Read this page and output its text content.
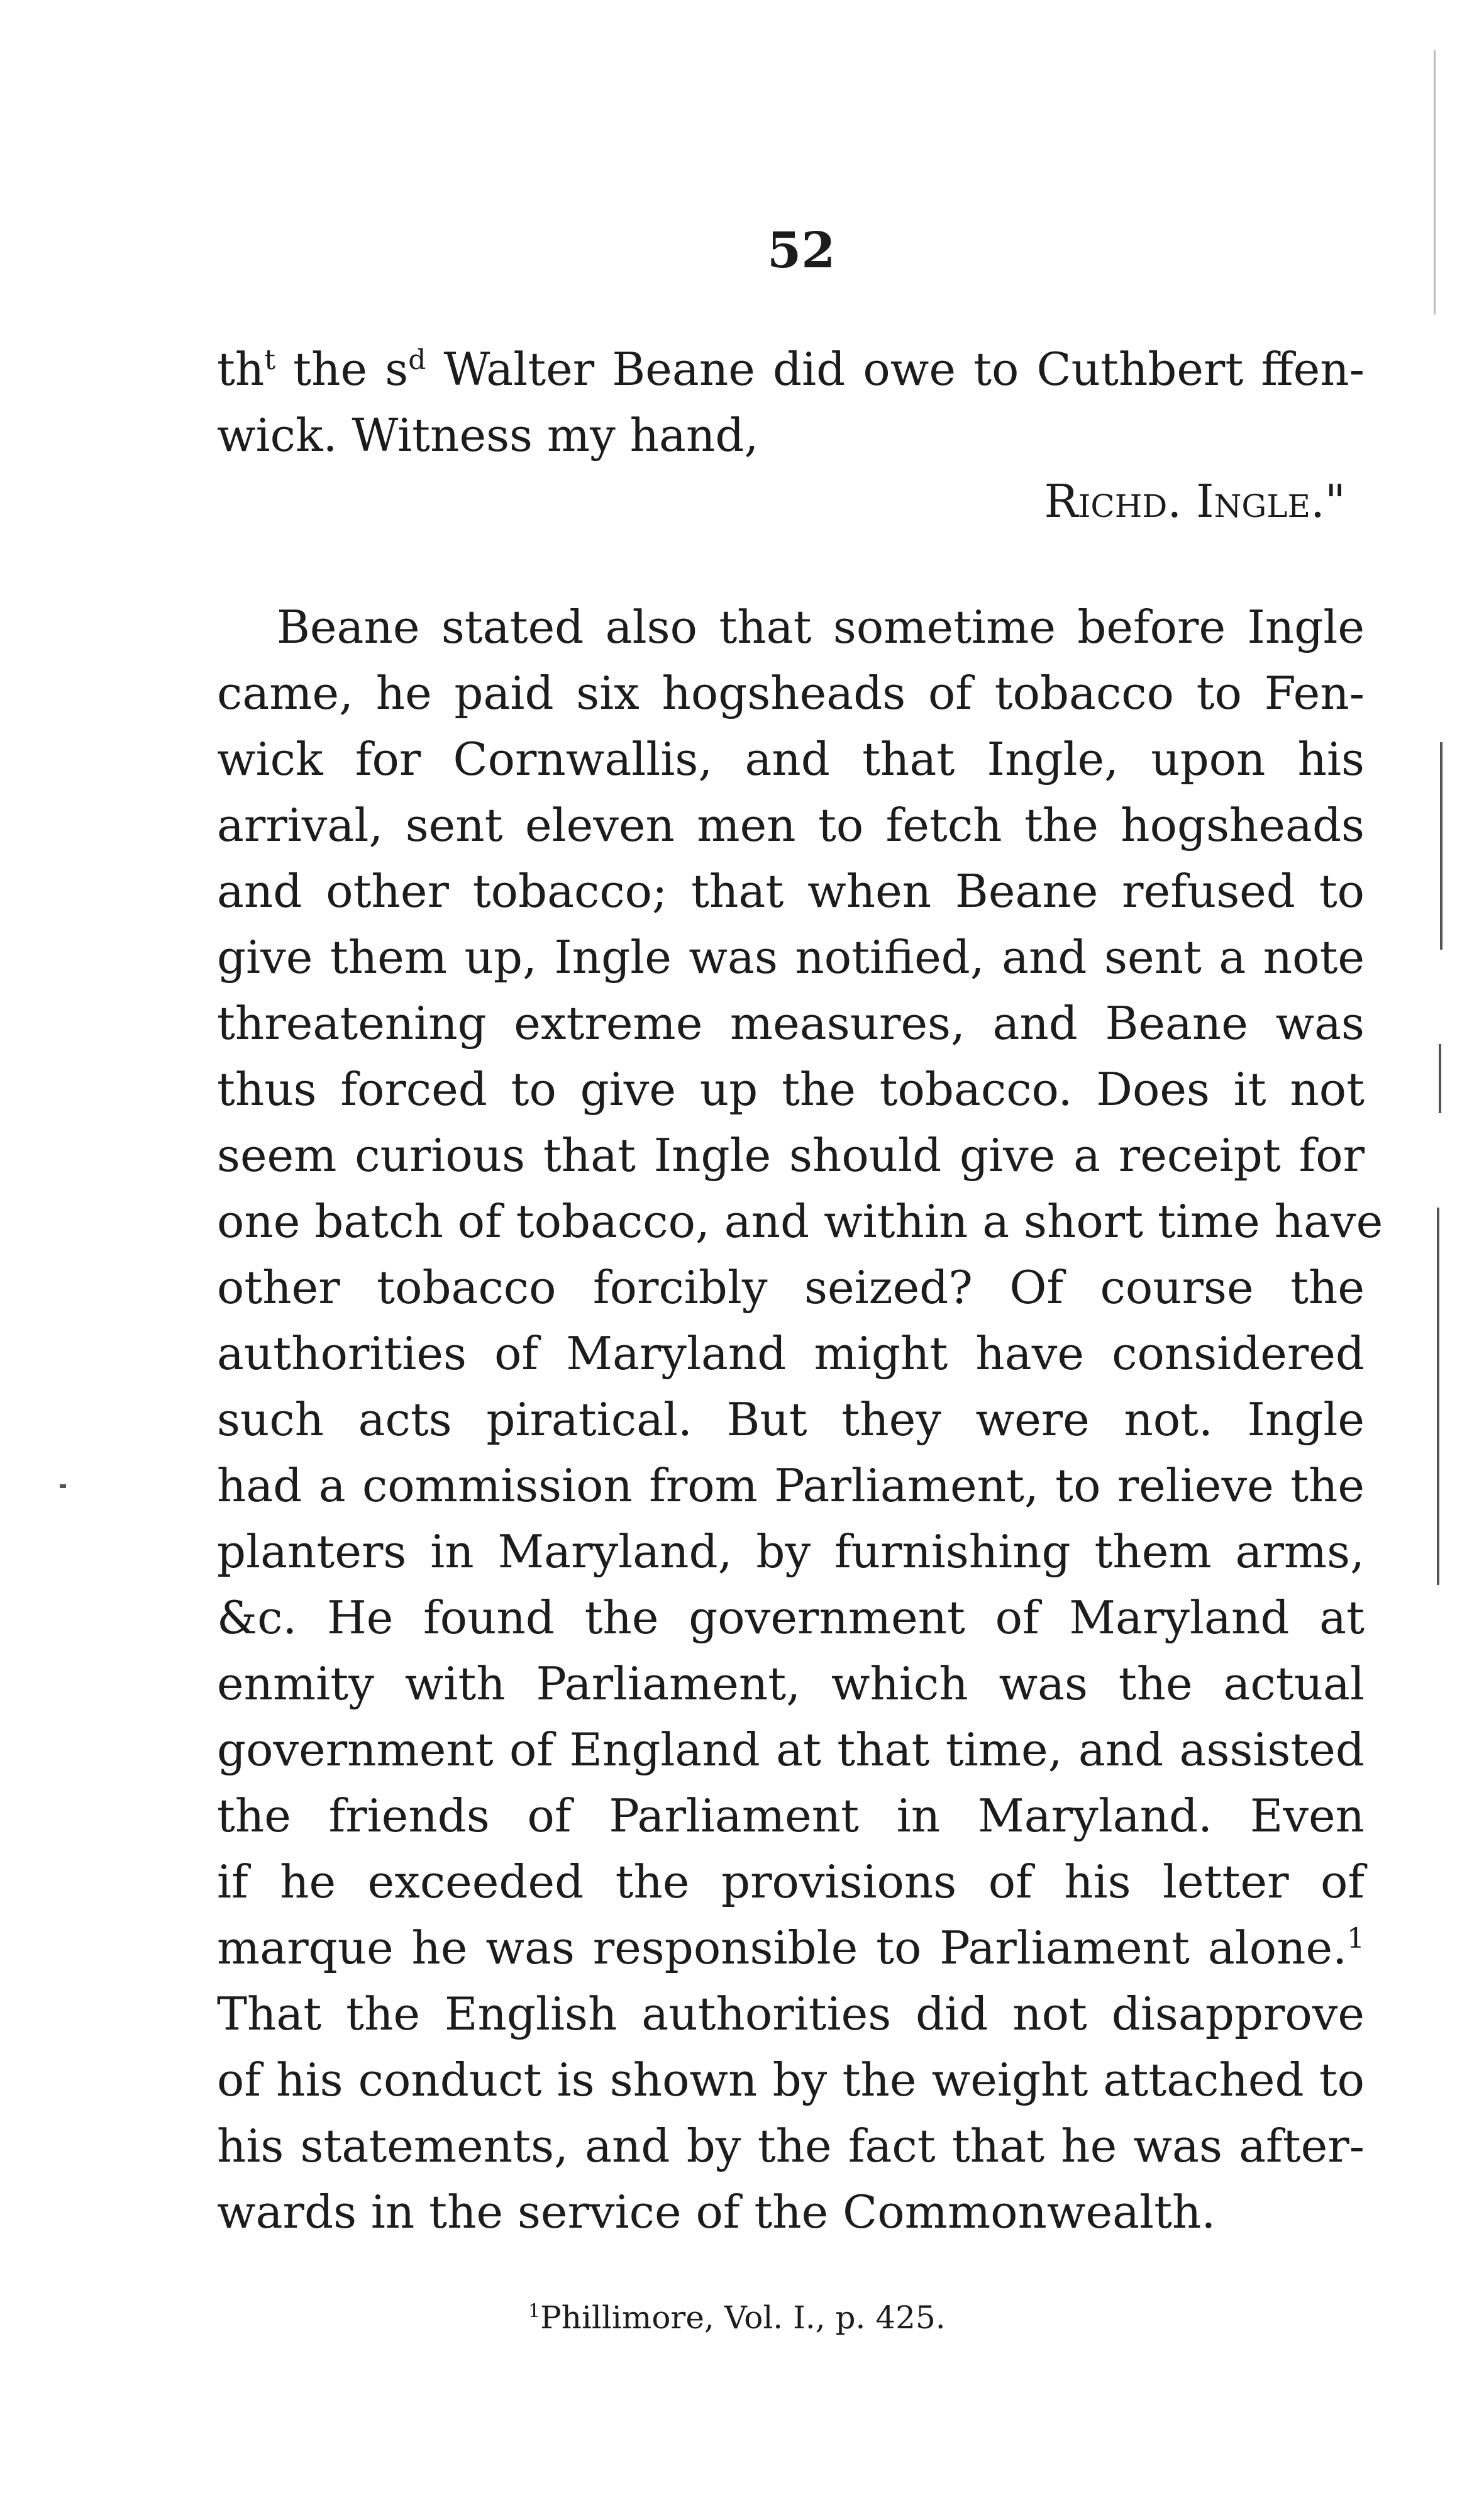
52
$th^t$ the $s^d$ Walter Beane did owe to Cuthbert ffen-
wick. Witness my hand,
Richd. Ingle."
Beane stated also that sometime before Ingle
came, he paid six hogsheads of tobacco to Fen-
wick for Cornwallis, and that Ingle, upon his
arrival, sent eleven men to fetch the hogsheads
and other tobacco; that when Beane refused to
give them up, Ingle was notified, and sent a note
threatening extreme measures, and Beane was
thus forced to give up the tobacco. Does it not
seem curious that Ingle should give a receipt for
one batch of tobacco, and within a short time have
other tobacco forcibly seized? Of course the
authorities of Maryland might have considered
such acts piratical. But they were not. Ingle
had a commission from Parliament, to relieve the
planters in Maryland, by furnishing them arms,
&c. He found the government of Maryland at
enmity with Parliament, which was the actual
government of England at that time, and assisted
the friends of Parliament in Maryland. Even
if he exceeded the provisions of his letter of
marque he was responsible to Parliament alone.$^1$
That the English authorities did not disapprove
of his conduct is shown by the weight attached to
his statements, and by the fact that he was after-
wards in the service of the Commonwealth.
$^1$Phillimore, Vol. I., p. 425.
